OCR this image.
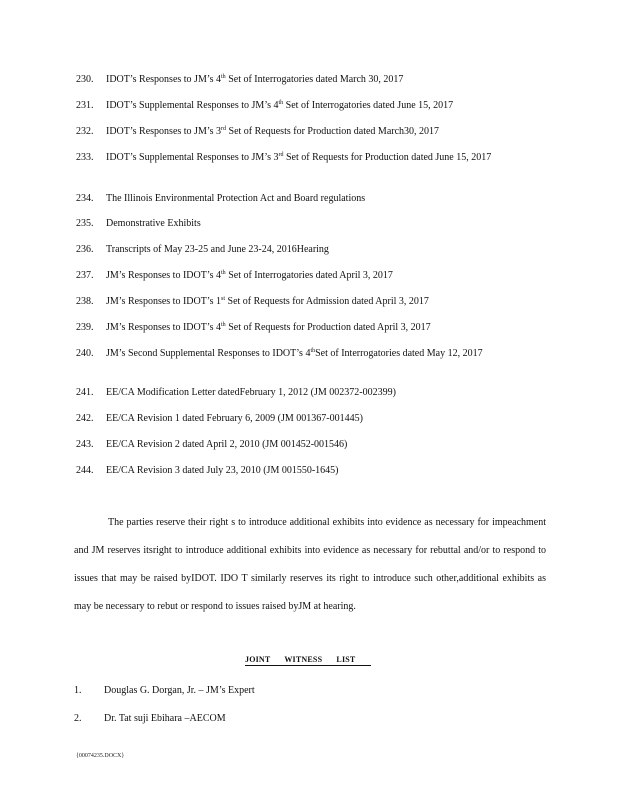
230. IDOT’s Responses to JM’s 4th Set of Interrogatories dated March 30, 2017
231. IDOT’s Supplemental Responses to JM’s 4th Set of Interrogatories dated June 15, 2017
232. IDOT’s Responses to JM’s 3rd Set of Requests for Production dated March30, 2017
233. IDOT’s Supplemental Responses to JM’s 3rd Set of Requests for Production dated June 15, 2017
234. The Illinois Environmental Protection Act and Board regulations
235. Demonstrative Exhibits
236. Transcripts of May 23-25 and June 23-24, 2016Hearing
237. JM’s Responses to IDOT’s 4th Set of Interrogatories dated April 3, 2017
238. JM’s Responses to IDOT’s 1st Set of Requests for Admission dated April 3, 2017
239. JM’s Responses to IDOT’s 4th Set of Requests for Production dated April 3, 2017
240. JM’s Second Supplemental Responses to IDOT’s 4thSet of Interrogatories dated May 12, 2017
241. EE/CA Modification Letter datedFebruary 1, 2012 (JM 002372-002399)
242. EE/CA Revision 1 dated February 6, 2009 (JM 001367-001445)
243. EE/CA Revision 2 dated April 2, 2010 (JM 001452-001546)
244. EE/CA Revision 3 dated July 23, 2010 (JM 001550-1645)
The parties reserve their right s to introduce additional exhibits into evidence as necessary for impeachment and JM reserves itsright to introduce additional exhibits into evidence as necessary for rebuttal and/or to respond to issues that may be raised byIDOT. IDO T similarly reserves its right to introduce such other,additional exhibits as may be necessary to rebut or respond to issues raised byJM at hearing.
JOINT WITNESS LIST
1. Douglas G. Dorgan, Jr. – JM’s Expert
2. Dr. Tat suji Ebihara –AECOM
{00074235.DOCX}
